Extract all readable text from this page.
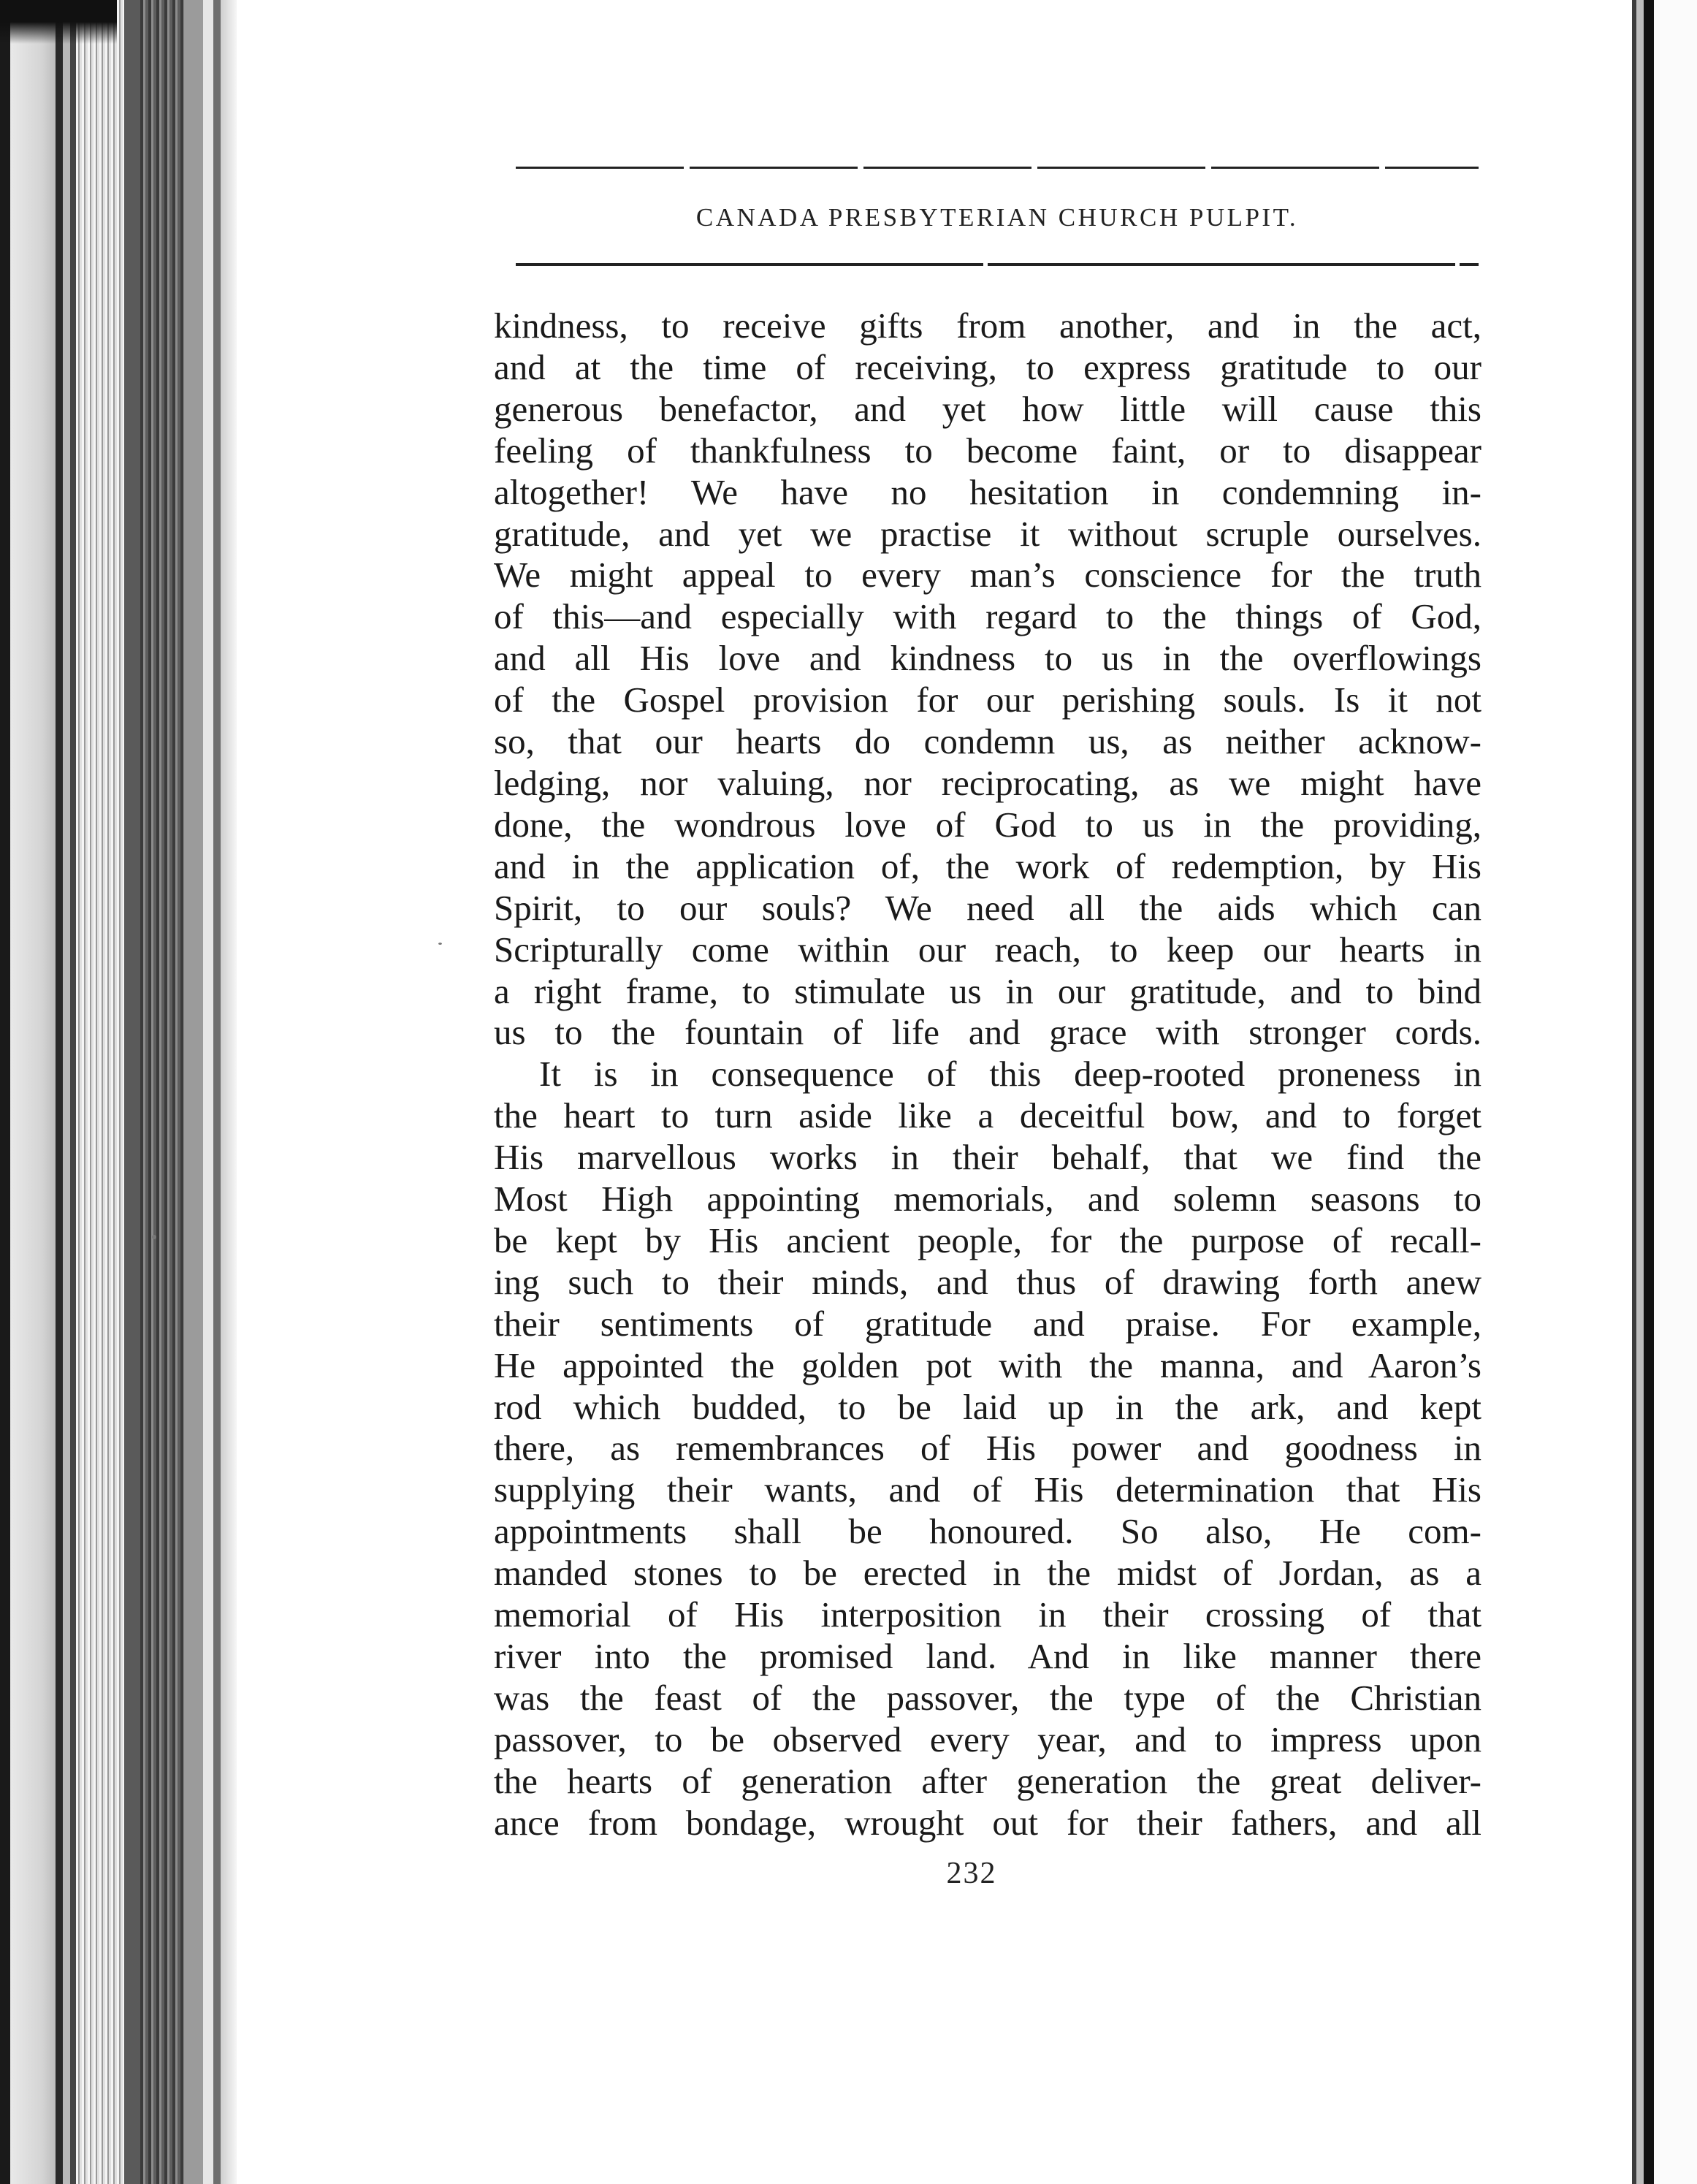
CANADA PRESBYTERIAN CHURCH PULPIT.
kindness, to receive gifts from another, and in the act,
and at the time of receiving, to express gratitude to our
generous benefactor, and yet how little will cause this
feeling of thankfulness to become faint, or to disappear
altogether! We have no hesitation in condemning in-
gratitude, and yet we practise it without scruple ourselves.
We might appeal to every man’s conscience for the truth
of this—and especially with regard to the things of God,
and all His love and kindness to us in the overflowings
of the Gospel provision for our perishing souls. Is it not
so, that our hearts do condemn us, as neither acknow-
ledging, nor valuing, nor reciprocating, as we might have
done, the wondrous love of God to us in the providing,
and in the application of, the work of redemption, by His
Spirit, to our souls? We need all the aids which can
Scripturally come within our reach, to keep our hearts in
a right frame, to stimulate us in our gratitude, and to bind
us to the fountain of life and grace with stronger cords.
It is in consequence of this deep-rooted proneness in
the heart to turn aside like a deceitful bow, and to forget
His marvellous works in their behalf, that we find the
Most High appointing memorials, and solemn seasons to
be kept by His ancient people, for the purpose of recall-
ing such to their minds, and thus of drawing forth anew
their sentiments of gratitude and praise. For example,
He appointed the golden pot with the manna, and Aaron’s
rod which budded, to be laid up in the ark, and kept
there, as remembrances of His power and goodness in
supplying their wants, and of His determination that His
appointments shall be honoured. So also, He com-
manded stones to be erected in the midst of Jordan, as a
memorial of His interposition in their crossing of that
river into the promised land. And in like manner there
was the feast of the passover, the type of the Christian
passover, to be observed every year, and to impress upon
the hearts of generation after generation the great deliver-
ance from bondage, wrought out for their fathers, and all
232
